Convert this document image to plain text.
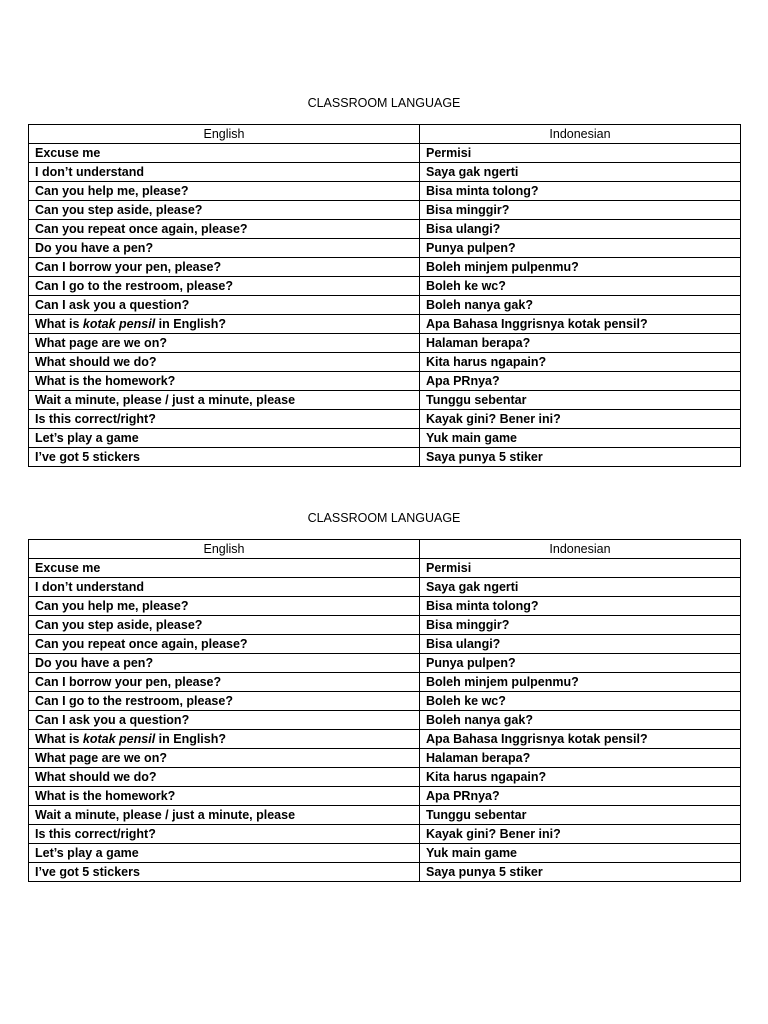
CLASSROOM LANGUAGE
English	Indonesian
Excuse me	Permisi
I don’t understand	Saya gak ngerti
Can you help me, please?	Bisa minta tolong?
Can you step aside, please?	Bisa minggir?
Can you repeat once again, please?	Bisa ulangi?
Do you have a pen?	Punya pulpen?
Can I borrow your pen, please?	Boleh minjem pulpenmu?
Can I go to the restroom, please?	Boleh ke wc?
Can I ask you a question?	Boleh nanya gak?
What is kotak pensil in English?	Apa Bahasa Inggrisnya kotak pensil?
What page are we on?	Halaman berapa?
What should we do?	Kita harus ngapain?
What is the homework?	Apa PRnya?
Wait a minute, please / just a minute, please	Tunggu sebentar
Is this correct/right?	Kayak gini? Bener ini?
Let’s play a game	Yuk main game
I’ve got 5 stickers	Saya punya 5 stiker
CLASSROOM LANGUAGE
English	Indonesian
Excuse me	Permisi
I don’t understand	Saya gak ngerti
Can you help me, please?	Bisa minta tolong?
Can you step aside, please?	Bisa minggir?
Can you repeat once again, please?	Bisa ulangi?
Do you have a pen?	Punya pulpen?
Can I borrow your pen, please?	Boleh minjem pulpenmu?
Can I go to the restroom, please?	Boleh ke wc?
Can I ask you a question?	Boleh nanya gak?
What is kotak pensil in English?	Apa Bahasa Inggrisnya kotak pensil?
What page are we on?	Halaman berapa?
What should we do?	Kita harus ngapain?
What is the homework?	Apa PRnya?
Wait a minute, please / just a minute, please	Tunggu sebentar
Is this correct/right?	Kayak gini? Bener ini?
Let’s play a game	Yuk main game
I’ve got 5 stickers	Saya punya 5 stiker
